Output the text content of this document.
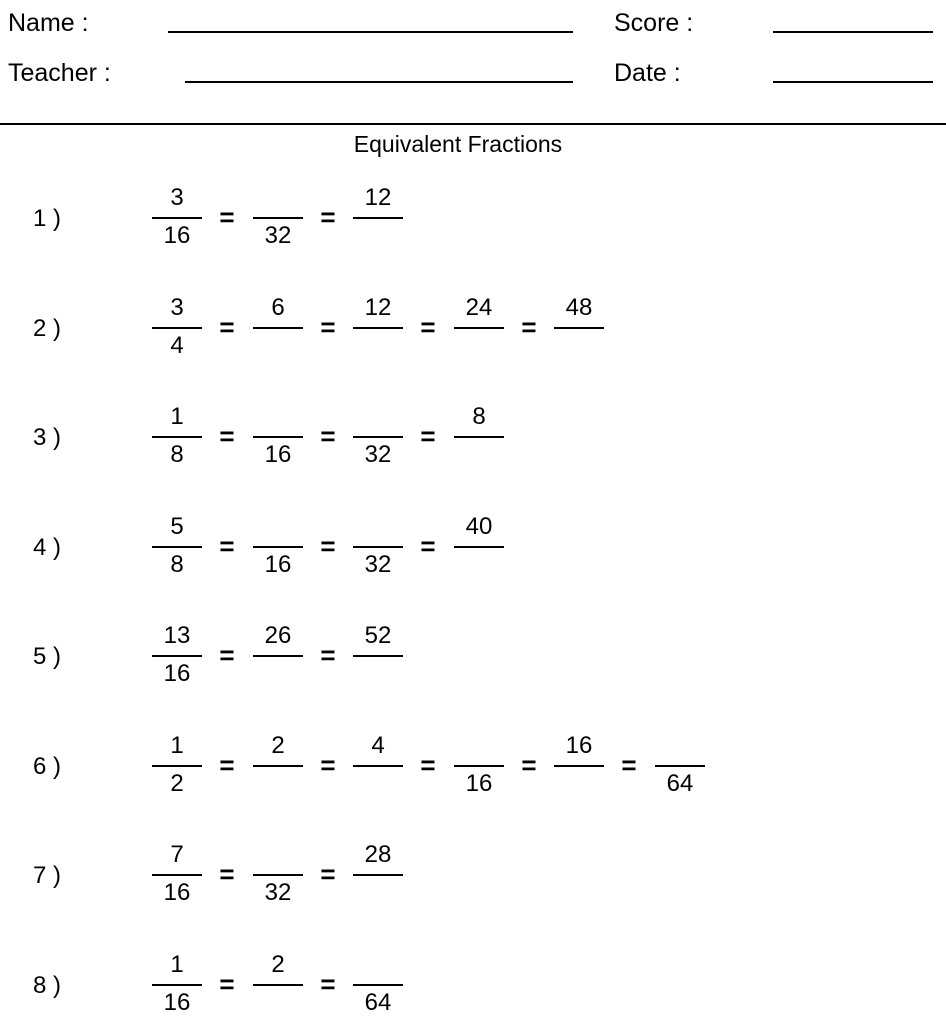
Name :
Teacher :
Score :
Date :
Equivalent Fractions
1 )
3
16
=
32
=
12
2 )
3
4
=
6
=
12
=
24
=
48
3 )
1
8
=
16
=
32
=
8
4 )
5
8
=
16
=
32
=
40
5 )
13
16
=
26
=
52
6 )
1
2
=
2
=
4
=
16
=
16
=
64
7 )
7
16
=
32
=
28
8 )
1
16
=
2
=
64
